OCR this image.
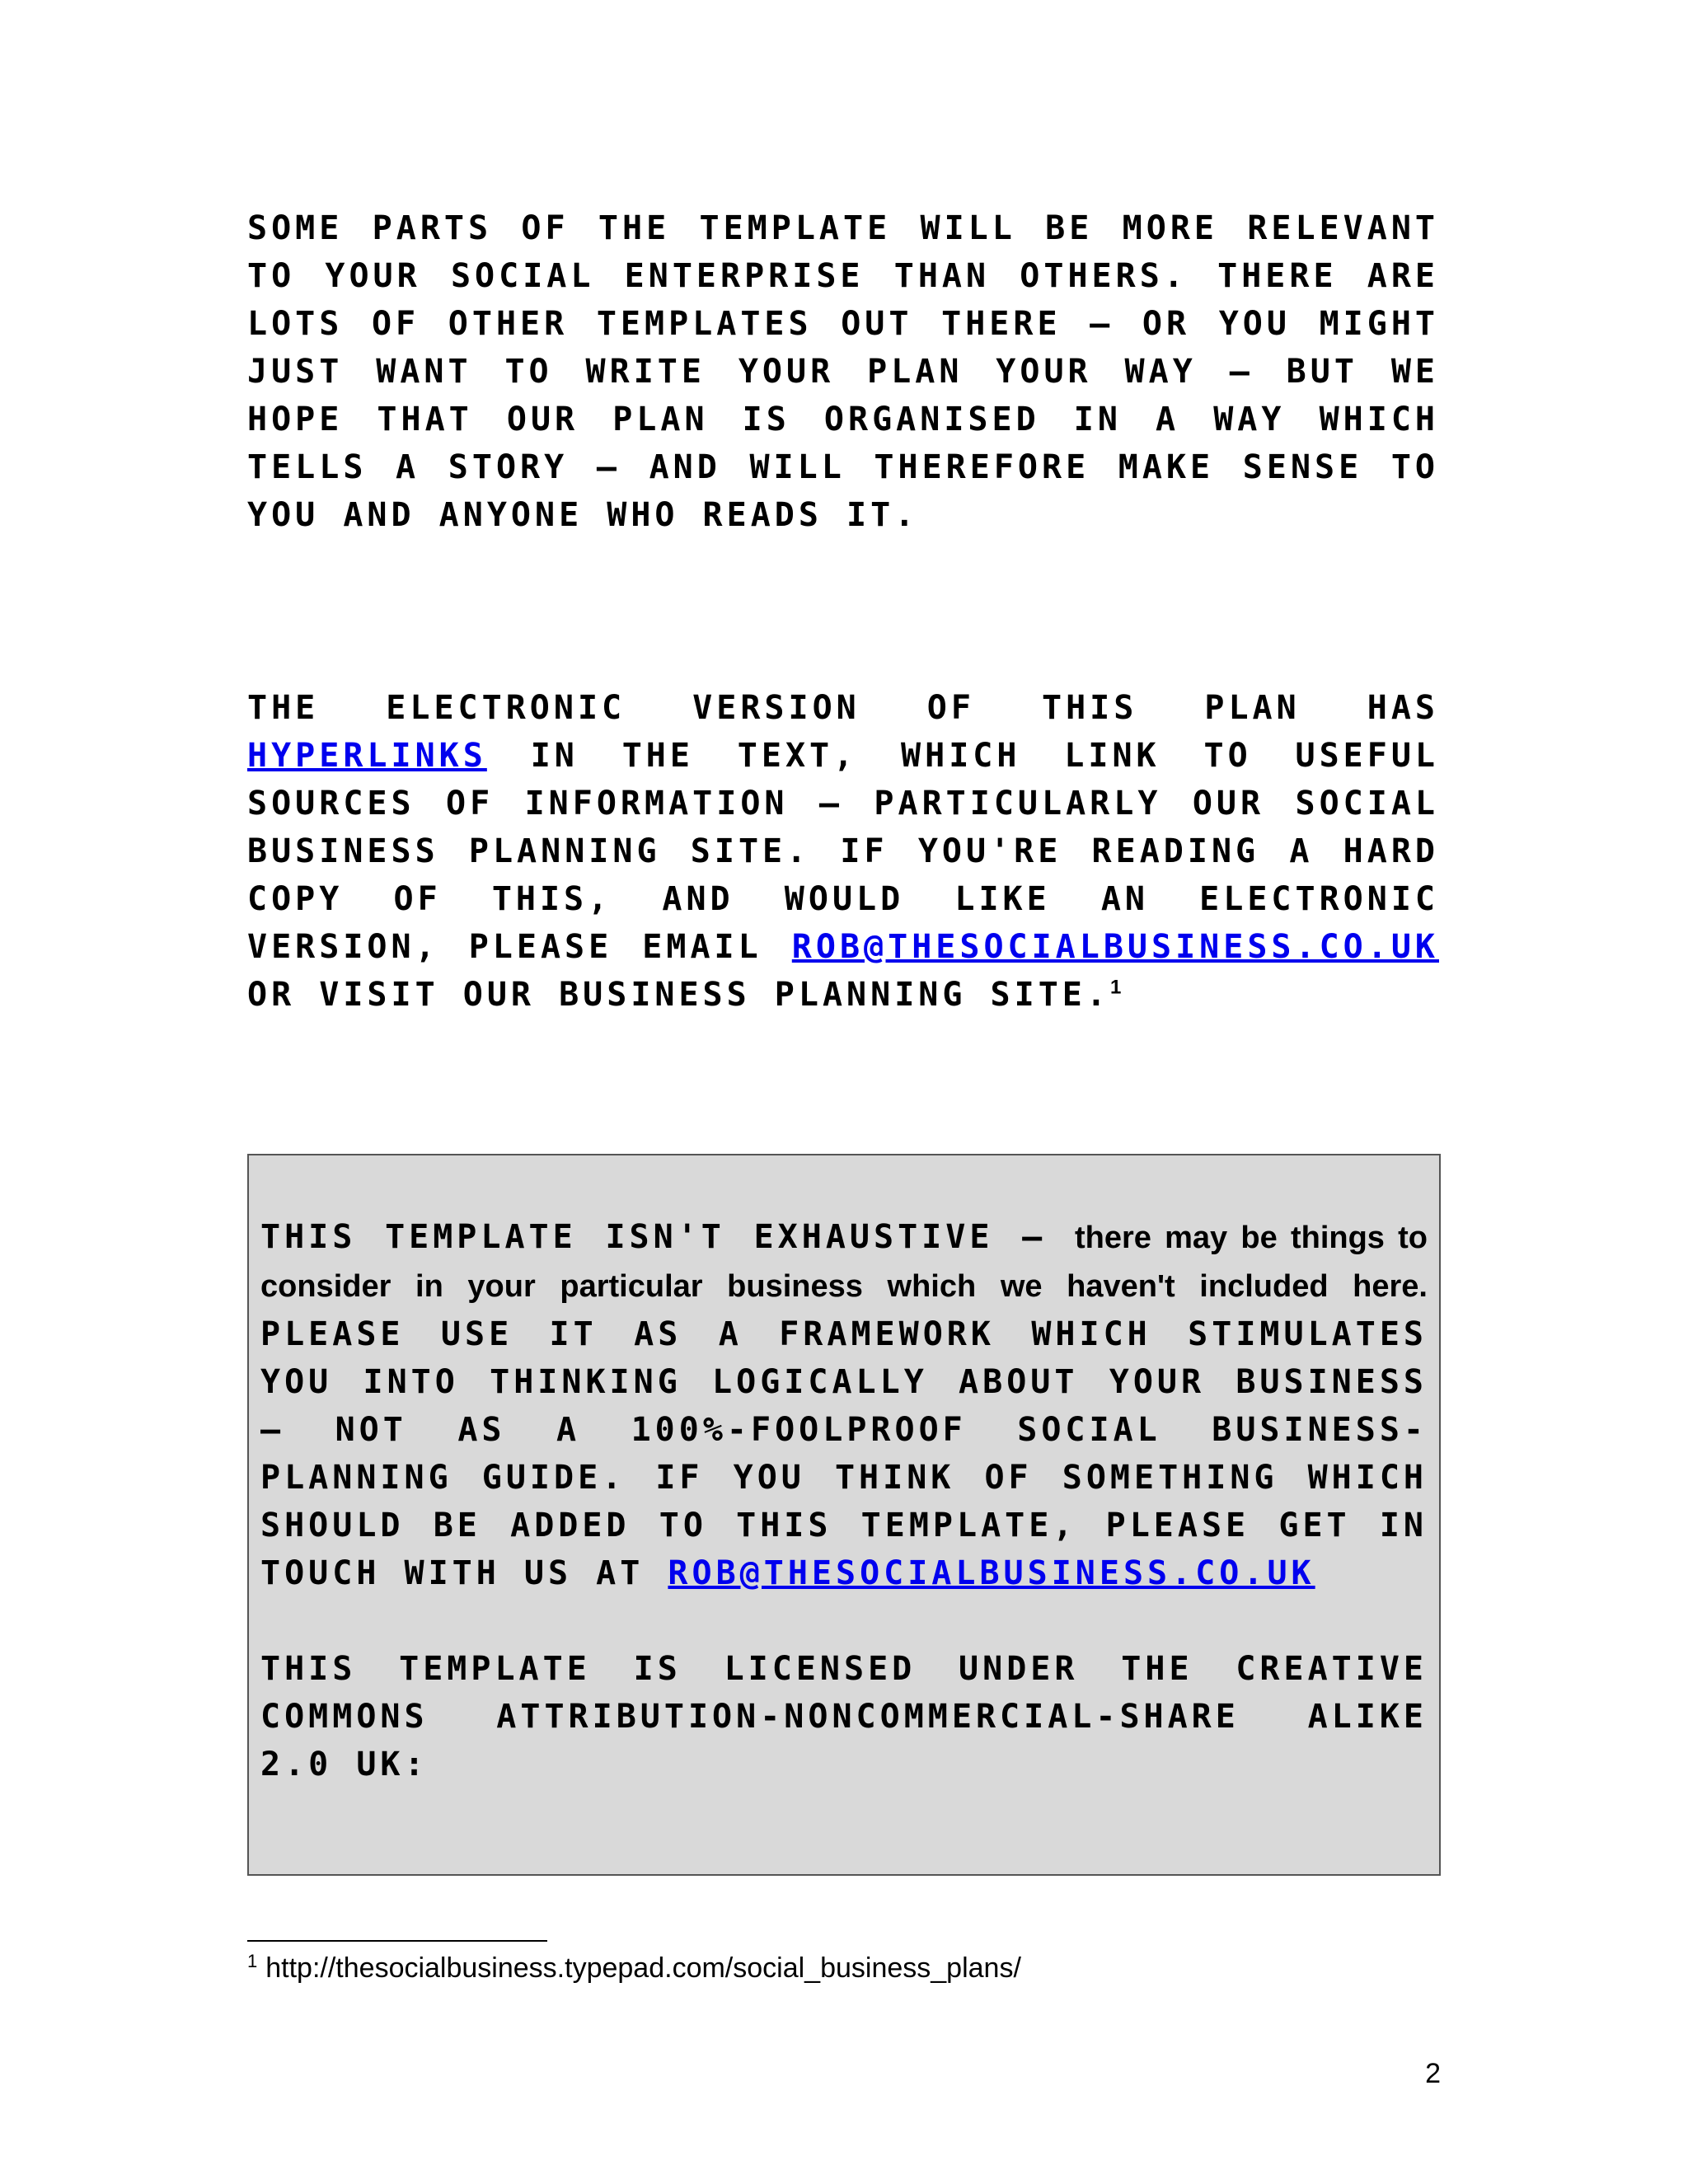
SOME PARTS OF THE TEMPLATE WILL BE MORE RELEVANT TO YOUR SOCIAL ENTERPRISE THAN OTHERS. THERE ARE LOTS OF OTHER TEMPLATES OUT THERE – OR YOU MIGHT JUST WANT TO WRITE YOUR PLAN YOUR WAY – BUT WE HOPE THAT OUR PLAN IS ORGANISED IN A WAY WHICH TELLS A STORY – AND WILL THEREFORE MAKE SENSE TO YOU AND ANYONE WHO READS IT.

THE ELECTRONIC VERSION OF THIS PLAN HAS HYPERLINKS IN THE TEXT, WHICH LINK TO USEFUL SOURCES OF INFORMATION – PARTICULARLY OUR SOCIAL BUSINESS PLANNING SITE. IF YOU'RE READING A HARD COPY OF THIS, AND WOULD LIKE AN ELECTRONIC VERSION, PLEASE EMAIL ROB@THESOCIALBUSINESS.CO.UK OR VISIT OUR BUSINESS PLANNING SITE.$^1$

THIS TEMPLATE ISN'T EXHAUSTIVE – there may be things to consider in your particular business which we haven't included here. PLEASE USE IT AS A FRAMEWORK WHICH STIMULATES YOU INTO THINKING LOGICALLY ABOUT YOUR BUSINESS – NOT AS A 100%-FOOLPROOF SOCIAL BUSINESS-PLANNING GUIDE. IF YOU THINK OF SOMETHING WHICH SHOULD BE ADDED TO THIS TEMPLATE, PLEASE GET IN TOUCH WITH US AT ROB@THESOCIALBUSINESS.CO.UK

THIS TEMPLATE IS LICENSED UNDER THE CREATIVE COMMONS ATTRIBUTION-NONCOMMERCIAL-SHARE ALIKE 2.0 UK:

$^1$ http://thesocialbusiness.typepad.com/social_business_plans/
2
